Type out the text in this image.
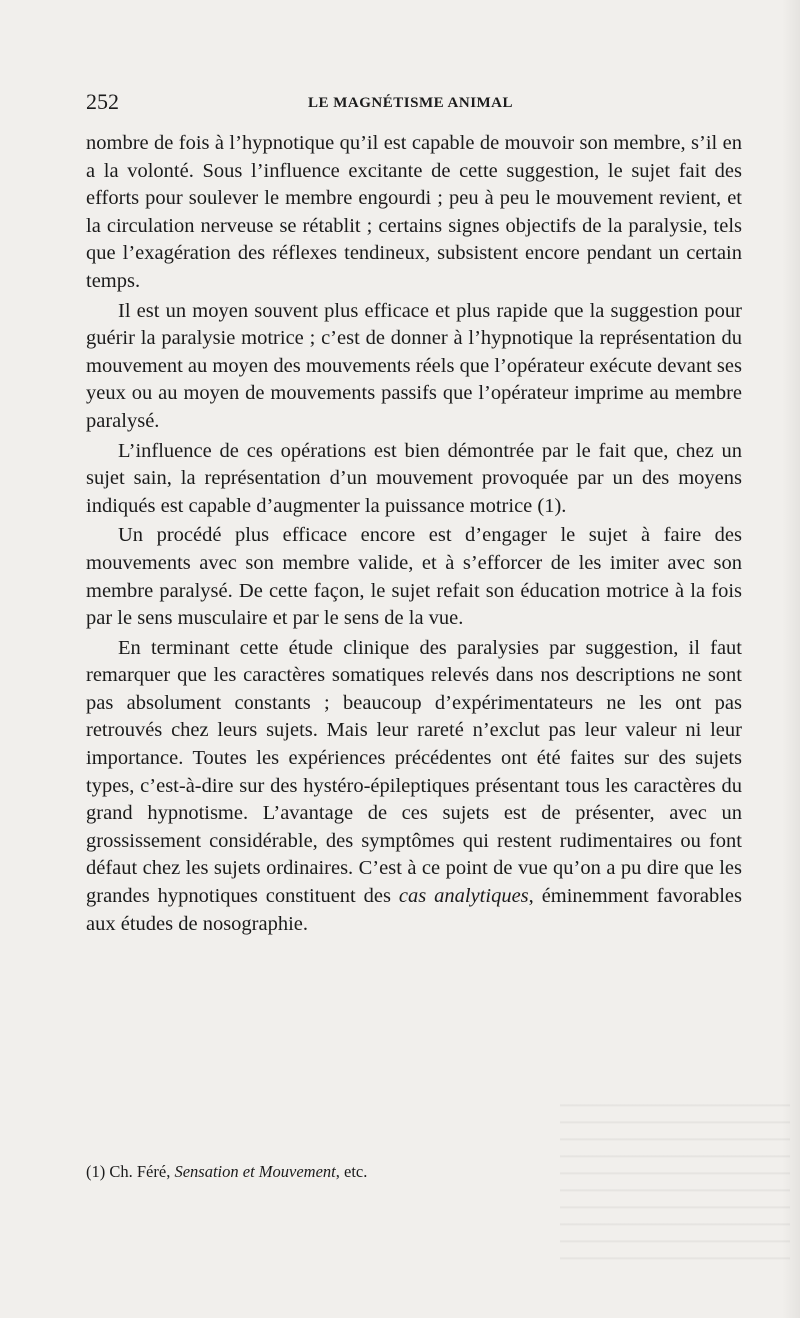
252	LE MAGNÉTISME ANIMAL

nombre de fois à l’hypnotique qu’il est capable de mouvoir son membre, s’il en a la volonté. Sous l’influence excitante de cette suggestion, le sujet fait des efforts pour soulever le membre engourdi ; peu à peu le mouvement revient, et la circulation nerveuse se rétablit ; certains signes objectifs de la paralysie, tels que l’exagération des réflexes tendineux, subsistent encore pendant un certain temps.

Il est un moyen souvent plus efficace et plus rapide que la suggestion pour guérir la paralysie motrice ; c’est de donner à l’hypnotique la représentation du mouvement au moyen des mouvements réels que l’opérateur exécute devant ses yeux ou au moyen de mouvements passifs que l’opérateur imprime au membre paralysé.

L’influence de ces opérations est bien démontrée par le fait que, chez un sujet sain, la représentation d’un mouvement provoquée par un des moyens indiqués est capable d’augmenter la puissance motrice (1).

Un procédé plus efficace encore est d’engager le sujet à faire des mouvements avec son membre valide, et à s’efforcer de les imiter avec son membre paralysé. De cette façon, le sujet refait son éducation motrice à la fois par le sens musculaire et par le sens de la vue.

En terminant cette étude clinique des paralysies par suggestion, il faut remarquer que les caractères somatiques relevés dans nos descriptions ne sont pas absolument constants ; beaucoup d’expérimentateurs ne les ont pas retrouvés chez leurs sujets. Mais leur rareté n’exclut pas leur valeur ni leur importance. Toutes les expériences précédentes ont été faites sur des sujets types, c’est-à-dire sur des hystéro-épileptiques présentant tous les caractères du grand hypnotisme. L’avantage de ces sujets est de présenter, avec un grossissement considérable, des symptômes qui restent rudimentaires ou font défaut chez les sujets ordinaires. C’est à ce point de vue qu’on a pu dire que les grandes hypnotiques constituent des cas analytiques, éminemment favorables aux études de nosographie.

(1) Ch. Féré, Sensation et Mouvement, etc.
